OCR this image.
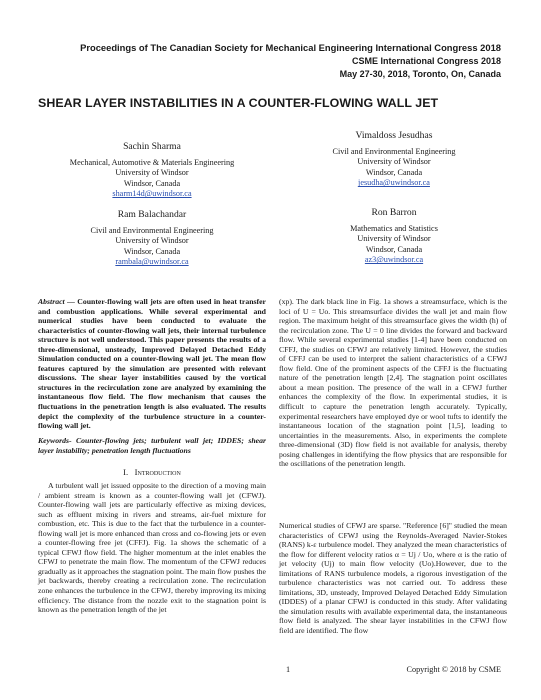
Proceedings of The Canadian Society for Mechanical Engineering International Congress 2018
CSME International Congress 2018
May 27-30, 2018, Toronto, On, Canada
SHEAR LAYER INSTABILITIES IN A COUNTER-FLOWING WALL JET
Sachin Sharma
Mechanical, Automotive & Materials Engineering
University of Windsor
Windsor, Canada
sharm14d@uwindsor.ca
Vimaldoss Jesudhas
Civil and Environmental Engineering
University of Windsor
Windsor, Canada
jesudha@uwindsor.ca
Ram Balachandar
Civil and Environmental Engineering
University of Windsor
Windsor, Canada
rambala@uwindsor.ca
Ron Barron
Mathematics and Statistics
University of Windsor
Windsor, Canada
az3@uwindsor.ca

Abstract — Counter-flowing wall jets are often used in heat transfer and combustion applications. While several experimental and numerical studies have been conducted to evaluate the characteristics of counter-flowing wall jets, their internal turbulence structure is not well understood. This paper presents the results of a three-dimensional, unsteady, Improved Delayed Detached Eddy Simulation conducted on a counter-flowing wall jet. The mean flow features captured by the simulation are presented with relevant discussions. The shear layer instabilities caused by the vortical structures in the recirculation zone are analyzed by examining the instantaneous flow field. The flow mechanism that causes the fluctuations in the penetration length is also evaluated. The results depict the complexity of the turbulence structure in a counter-flowing wall jet.

Keywords- Counter-flowing jets; turbulent wall jet; IDDES; shear layer instability; penetration length fluctuations
I. Introduction
A turbulent wall jet issued opposite to the direction of a moving main / ambient stream is known as a counter-flowing wall jet (CFWJ). Counter-flowing wall jets are particularly effective as mixing devices, such as effluent mixing in rivers and streams, air-fuel mixture for combustion, etc. This is due to the fact that the turbulence in a counter-flowing wall jet is more enhanced than cross and co-flowing jets or even a counter-flowing free jet (CFFJ). Fig. 1a shows the schematic of a typical CFWJ flow field. The higher momentum at the inlet enables the CFWJ to penetrate the main flow. The momentum of the CFWJ reduces gradually as it approaches the stagnation point. The main flow pushes the jet backwards, thereby creating a recirculation zone. The recirculation zone enhances the turbulence in the CFWJ, thereby improving its mixing efficiency. The distance from the nozzle exit to the stagnation point is known as the penetration length of the jet
(xp). The dark black line in Fig. 1a shows a streamsurface, which is the loci of U = Uo. This streamsurface divides the wall jet and main flow region. The maximum height of this streamsurface gives the width (h) of the recirculation zone. The U = 0 line divides the forward and backward flow. While several experimental studies [1-4] have been conducted on CFFJ, the studies on CFWJ are relatively limited. However, the studies of CFFJ can be used to interpret the salient characteristics of a CFWJ flow field. One of the prominent aspects of the CFFJ is the fluctuating nature of the penetration length [2,4]. The stagnation point oscillates about a mean position. The presence of the wall in a CFWJ further enhances the complexity of the flow. In experimental studies, it is difficult to capture the penetration length accurately. Typically, experimental researchers have employed dye or wool tufts to identify the instantaneous location of the stagnation point [1,5], leading to uncertainties in the measurements. Also, in experiments the complete three-dimensional (3D) flow field is not available for analysis, thereby posing challenges in identifying the flow physics that are responsible for the oscillations of the penetration length.
Numerical studies of CFWJ are sparse. "Reference [6]" studied the mean characteristics of CFWJ using the Reynolds-Averaged Navier-Stokes (RANS) k-ε turbulence model. They analyzed the mean characteristics of the flow for different velocity ratios α = Uj / Uo, where α is the ratio of jet velocity (Uj) to main flow velocity (Uo).However, due to the limitations of RANS turbulence models, a rigorous investigation of the turbulence characteristics was not carried out. To address these limitations, 3D, unsteady, Improved Delayed Detached Eddy Simulation (IDDES) of a planar CFWJ is conducted in this study. After validating the simulation results with available experimental data, the instantaneous flow field is analyzed. The shear layer instabilities in the CFWJ flow field are identified. The flow
1	Copyright © 2018 by CSME
